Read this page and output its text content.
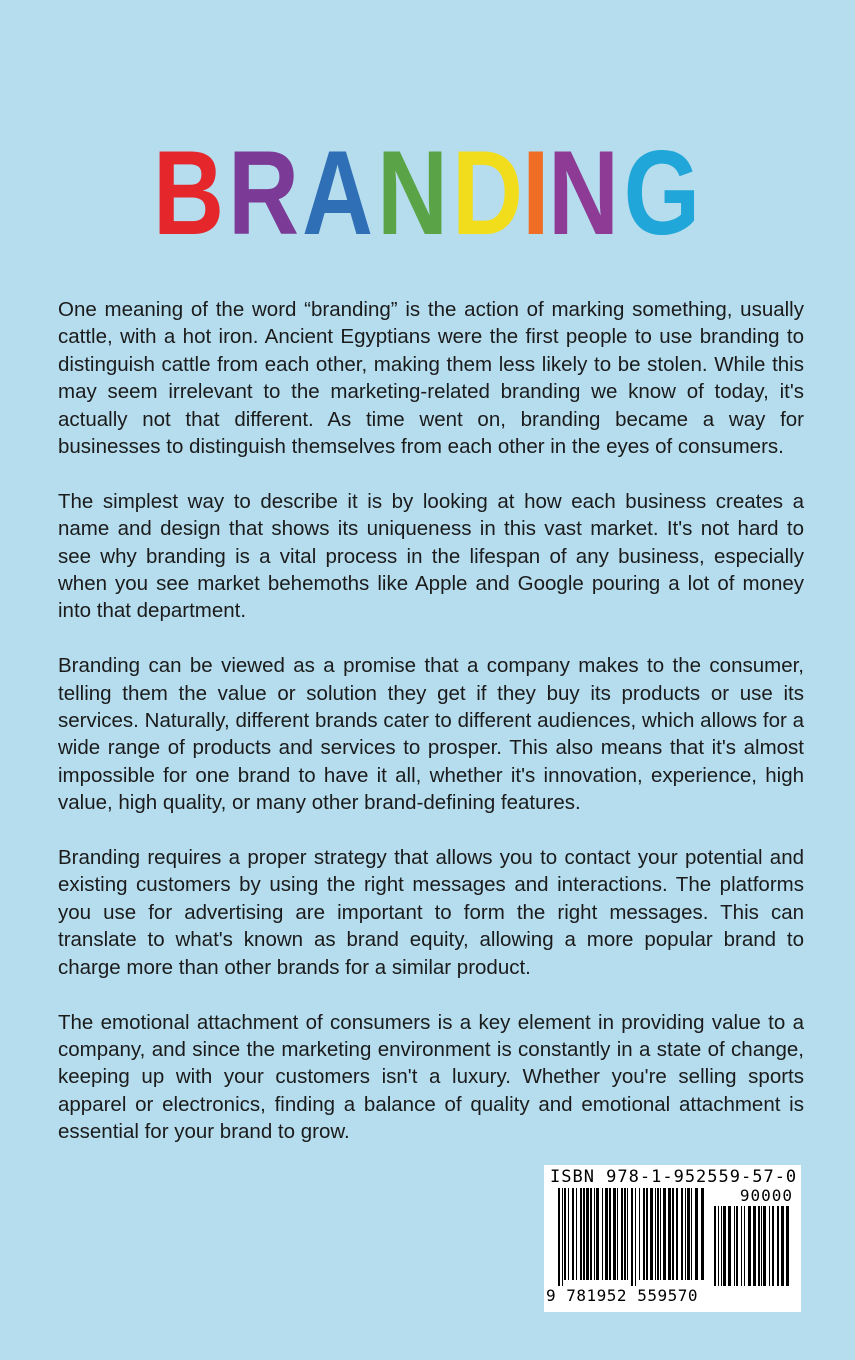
BRANDING

One meaning of the word “branding” is the action of marking something, usually cattle, with a hot iron. Ancient Egyptians were the first people to use branding to distinguish cattle from each other, making them less likely to be stolen. While this may seem irrelevant to the marketing-related branding we know of today, it's actually not that different. As time went on, branding became a way for businesses to distinguish themselves from each other in the eyes of consumers.

The simplest way to describe it is by looking at how each business creates a name and design that shows its uniqueness in this vast market. It's not hard to see why branding is a vital process in the lifespan of any business, especially when you see market behemoths like Apple and Google pouring a lot of money into that department.

Branding can be viewed as a promise that a company makes to the consumer, telling them the value or solution they get if they buy its products or use its services. Naturally, different brands cater to different audiences, which allows for a wide range of products and services to prosper. This also means that it's almost impossible for one brand to have it all, whether it's innovation, experience, high value, high quality, or many other brand-defining features.

Branding requires a proper strategy that allows you to contact your potential and existing customers by using the right messages and interactions. The platforms you use for advertising are important to form the right messages. This can translate to what's known as brand equity, allowing a more popular brand to charge more than other brands for a similar product.

The emotional attachment of consumers is a key element in providing value to a company, and since the marketing environment is constantly in a state of change, keeping up with your customers isn't a luxury. Whether you're selling sports apparel or electronics, finding a balance of quality and emotional attachment is essential for your brand to grow.

ISBN 978-1-952559-57-0
90000
9 781952 559570
